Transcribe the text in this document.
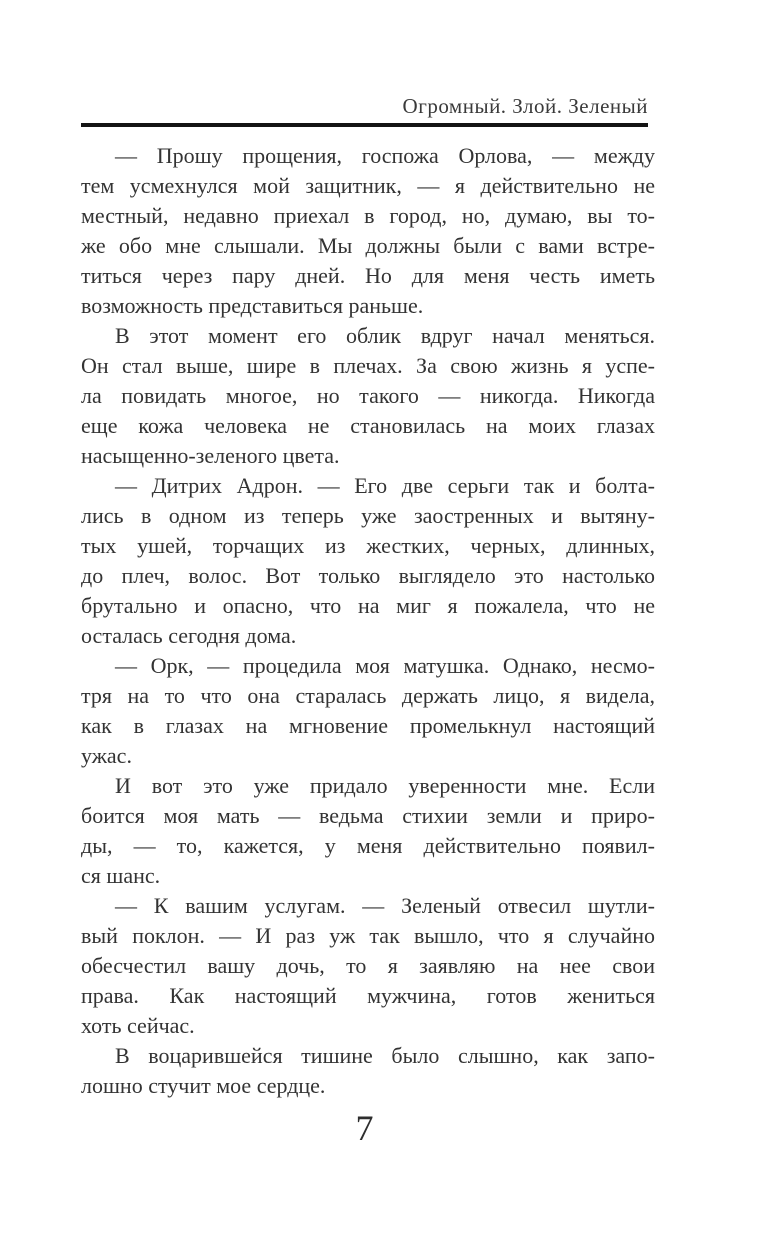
Огромный. Злой. Зеленый
— Прошу прощения, госпожа Орлова, — между
тем усмехнулся мой защитник, — я действительно не
местный, недавно приехал в город, но, думаю, вы то-
же обо мне слышали. Мы должны были с вами встре-
титься через пару дней. Но для меня честь иметь
возможность представиться раньше.
В этот момент его облик вдруг начал меняться.
Он стал выше, шире в плечах. За свою жизнь я успе-
ла повидать многое, но такого — никогда. Никогда
еще кожа человека не становилась на моих глазах
насыщенно-зеленого цвета.
— Дитрих Адрон. — Его две серьги так и болта-
лись в одном из теперь уже заостренных и вытяну-
тых ушей, торчащих из жестких, черных, длинных,
до плеч, волос. Вот только выглядело это настолько
брутально и опасно, что на миг я пожалела, что не
осталась сегодня дома.
— Орк, — процедила моя матушка. Однако, несмо-
тря на то что она старалась держать лицо, я видела,
как в глазах на мгновение промелькнул настоящий
ужас.
И вот это уже придало уверенности мне. Если
боится моя мать — ведьма стихии земли и приро-
ды, — то, кажется, у меня действительно появил-
ся шанс.
— К вашим услугам. — Зеленый отвесил шутли-
вый поклон. — И раз уж так вышло, что я случайно
обесчестил вашу дочь, то я заявляю на нее свои
права. Как настоящий мужчина, готов жениться
хоть сейчас.
В воцарившейся тишине было слышно, как запо-
лошно стучит мое сердце.
7
